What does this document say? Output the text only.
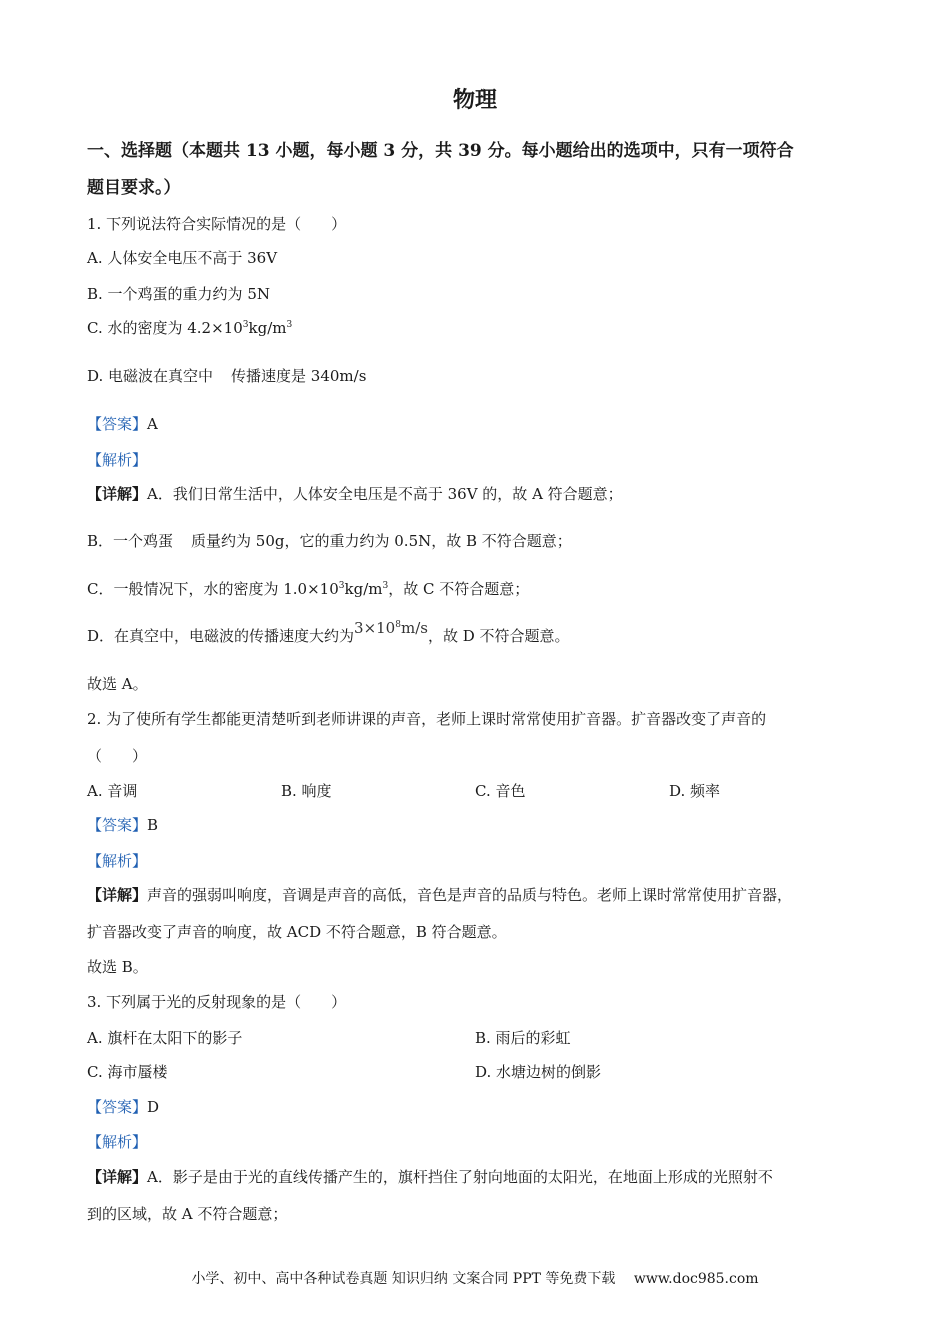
物理
一、选择题（本题共 13 小题，每小题 3 分，共 39 分。每小题给出的选项中，只有一项符合
题目要求。）
1. 下列说法符合实际情况的是（　　）
A. 人体安全电压不高于 36V
B. 一个鸡蛋的重力约为 5N
C. 水的密度为 $4.2\times 10^3kg/m^3$
D. 电磁波在真空中 传播速度是 340m/s
【答案】A
【解析】
【详解】A．我们日常生活中，人体安全电压是不高于 36V 的，故 A 符合题意；
B．一个鸡蛋 质量约为 50g，它的重力约为 0.5N，故 B 不符合题意；
C．一般情况下，水的密度为 $1.0\times 10^3kg/m^3$，故 C 不符合题意；
D．在真空中，电磁波的传播速度大约为$3\times 10^8m/s$，故 D 不符合题意。
故选 A。
2. 为了使所有学生都能更清楚听到老师讲课的声音，老师上课时常常使用扩音器。扩音器改变了声音的
（　　）
A. 音调	B. 响度	C. 音色	D. 频率
【答案】B
【解析】
【详解】声音的强弱叫响度，音调是声音的高低，音色是声音的品质与特色。老师上课时常常使用扩音器，
扩音器改变了声音的响度，故 ACD 不符合题意，B 符合题意。
故选 B。
3. 下列属于光的反射现象的是（　　）
A. 旗杆在太阳下的影子	B. 雨后的彩虹
C. 海市蜃楼	D. 水塘边树的倒影
【答案】D
【解析】
【详解】A．影子是由于光的直线传播产生的，旗杆挡住了射向地面的太阳光，在地面上形成的光照射不
到的区域，故 A 不符合题意；
小学、初中、高中各种试卷真题 知识归纳 文案合同 PPT 等免费下载　 www.doc985.com
